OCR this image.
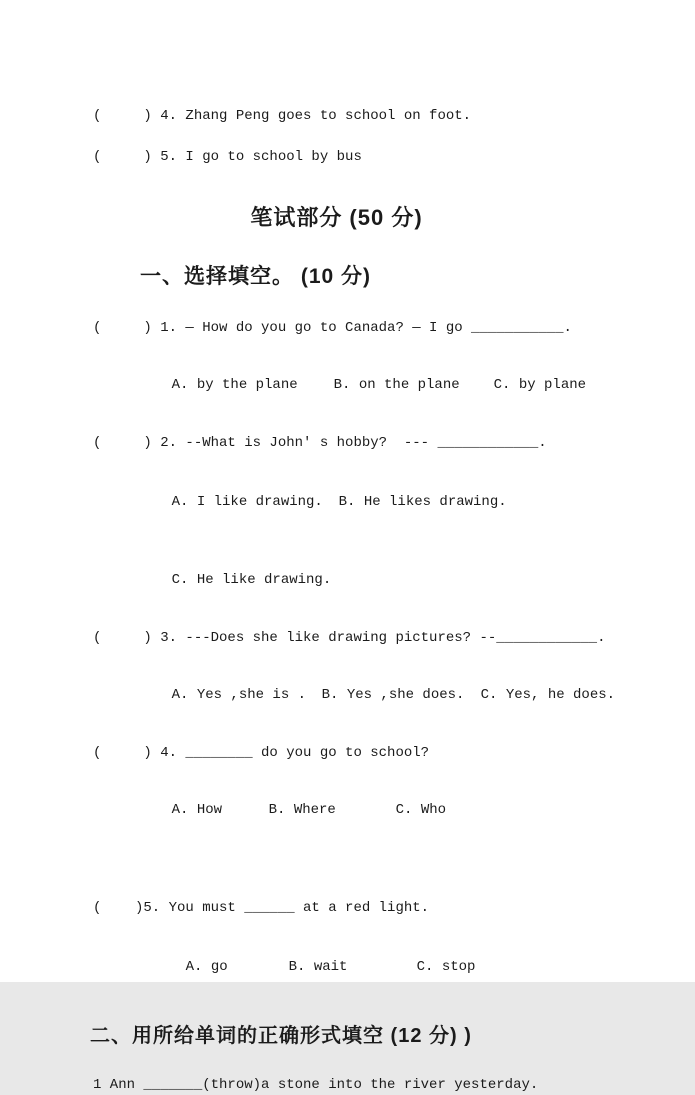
(     ) 4. Zhang Peng goes to school on foot.
(     ) 5. I go to school by bus
笔试部分 (50 分)
一、选择填空。 (10 分)
(     ) 1. — How do you go to Canada? — I go ___________.

A. by the plane	B. on the plane C. by plane

(     ) 2. --What is John' s hobby?  --- ____________.

A. I like drawing. B. He likes drawing.

C. He like drawing.

(     ) 3. ---Does she like drawing pictures? --____________.

A. Yes ,she is . B. Yes ,she does. C. Yes, he does.

(     ) 4. ________ do you go to school?

A. How	B. Where	C. Who

(    )5. You must ______ at a red light.

A. go	B. wait	C. stop

二、用所给单词的正确形式填空 (12 分) )
1 Ann _______(throw)a stone into the river yesterday.
